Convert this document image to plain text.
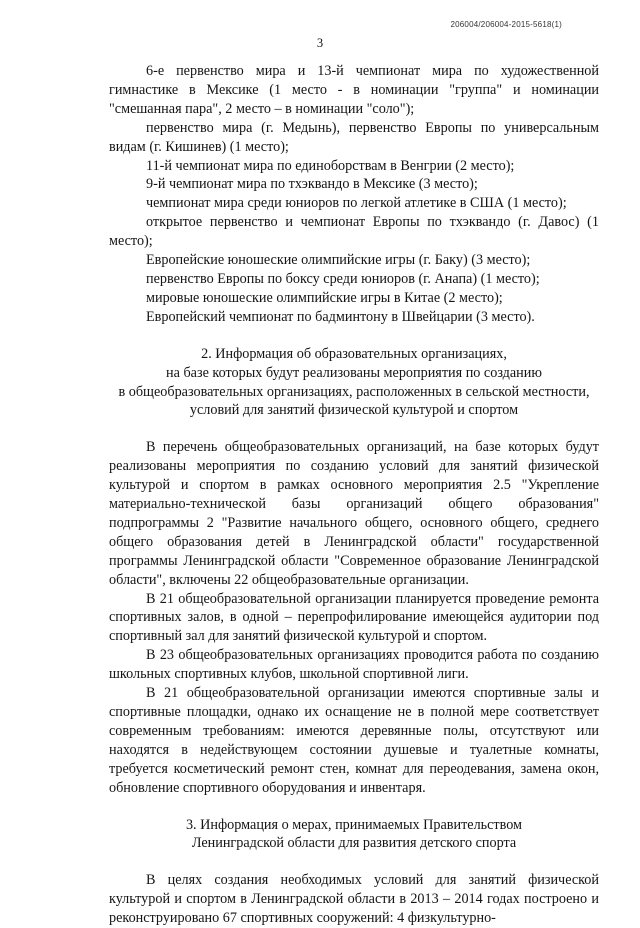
206004/206004-2015-5618(1)
3

6-е первенство мира и 13-й чемпионат мира по художественной гимнастике в Мексике (1 место - в номинации "группа" и номинации "смешанная пара", 2 место – в номинации "соло");

первенство мира (г. Медынь), первенство Европы по универсальным видам (г. Кишинев) (1 место);

11-й чемпионат мира по единоборствам в Венгрии (2 место);

9-й чемпионат мира по тхэквандо в Мексике (3 место);

чемпионат мира среди юниоров по легкой атлетике в США (1 место);

открытое первенство и чемпионат Европы по тхэквандо (г. Давос) (1 место);

Европейские юношеские олимпийские игры (г. Баку) (3 место);

первенство Европы по боксу среди юниоров (г. Анапа) (1 место);

мировые юношеские олимпийские игры в Китае (2 место);

Европейский чемпионат по бадминтону в Швейцарии (3 место).

2. Информация об образовательных организациях,
на базе которых будут реализованы мероприятия по созданию
в общеобразовательных организациях, расположенных в сельской местности,
условий для занятий физической культурой и спортом

В перечень общеобразовательных организаций, на базе которых будут реализованы мероприятия по созданию условий для занятий физической культурой и спортом в рамках основного мероприятия 2.5 "Укрепление материально-технической базы организаций общего образования" подпрограммы 2 "Развитие начального общего, основного общего, среднего общего образования детей в Ленинградской области" государственной программы Ленинградской области "Современное образование Ленинградской области", включены 22 общеобразовательные организации.

В 21 общеобразовательной организации планируется проведение ремонта спортивных залов, в одной – перепрофилирование имеющейся аудитории под спортивный зал для занятий физической культурой и спортом.

В 23 общеобразовательных организациях проводится работа по созданию школьных спортивных клубов, школьной спортивной лиги.

В 21 общеобразовательной организации имеются спортивные залы и спортивные площадки, однако их оснащение не в полной мере соответствует современным требованиям: имеются деревянные полы, отсутствуют или находятся в недействующем состоянии душевые и туалетные комнаты, требуется косметический ремонт стен, комнат для переодевания, замена окон, обновление спортивного оборудования и инвентаря.

3. Информация о мерах, принимаемых Правительством
Ленинградской области для развития детского спорта

В целях создания необходимых условий для занятий физической культурой и спортом в Ленинградской области в 2013 – 2014 годах построено и реконструировано 67 спортивных сооружений: 4 физкультурно-
